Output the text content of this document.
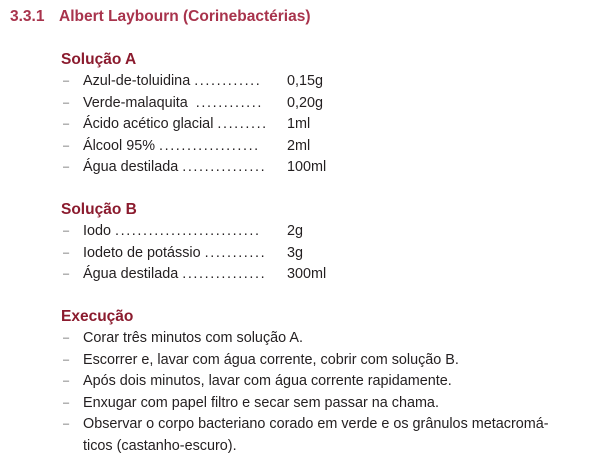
3.3.1 Albert Laybourn (Corinebactérias)
Solução A
– Azul-de-toluidina ............ 0,15g
– Verde-malaquita ............ 0,20g
– Ácido acético glacial ......... 1ml
– Álcool 95% .................. 2ml
– Água destilada ............... 100ml
Solução B
– Iodo .......................... 2g
– Iodeto de potássio ........... 3g
– Água destilada ............... 300ml
Execução
– Corar três minutos com solução A.
– Escorrer e, lavar com água corrente, cobrir com solução B.
– Após dois minutos, lavar com água corrente rapidamente.
– Enxugar com papel filtro e secar sem passar na chama.
– Observar o corpo bacteriano corado em verde e os grânulos metacromá-
ticos (castanho-escuro).
